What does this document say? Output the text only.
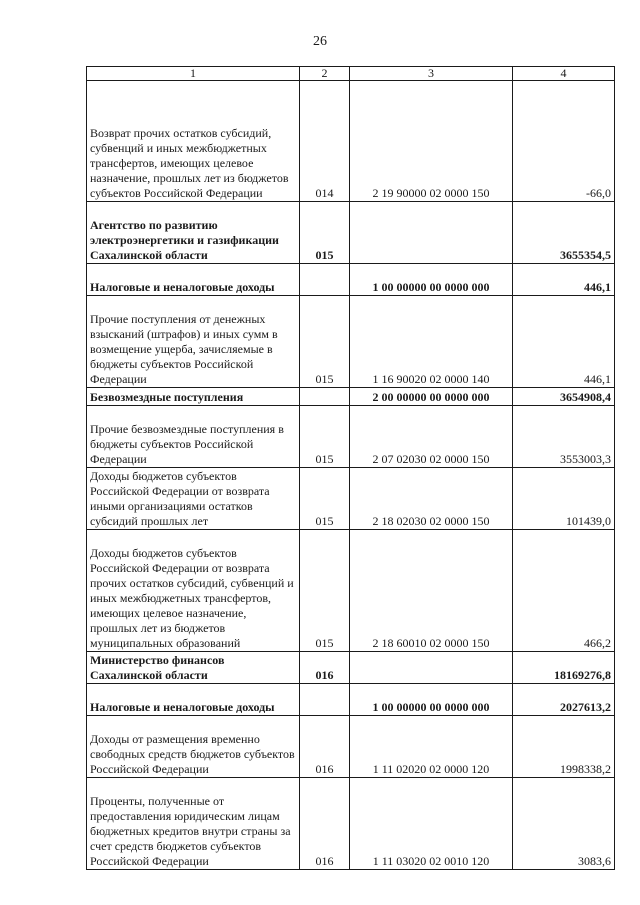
26
1	2	3	4
Возврат прочих остатков субсидий, субвенций и иных межбюджетных трансфертов, имеющих целевое назначение, прошлых лет из бюджетов субъектов Российской Федерации	014	2 19 90000 02 0000 150	-66,0
Агентство по развитию электроэнергетики и газификации Сахалинской области	015		3655354,5
Налоговые и неналоговые доходы		1 00 00000 00 0000 000	446,1
Прочие поступления от денежных взысканий (штрафов) и иных сумм в возмещение ущерба, зачисляемые в бюджеты субъектов Российской Федерации	015	1 16 90020 02 0000 140	446,1
Безвозмездные поступления		2 00 00000 00 0000 000	3654908,4
Прочие безвозмездные поступления в бюджеты субъектов Российской Федерации	015	2 07 02030 02 0000 150	3553003,3
Доходы бюджетов субъектов Российской Федерации от возврата иными организациями остатков субсидий прошлых лет	015	2 18 02030 02 0000 150	101439,0
Доходы бюджетов субъектов Российской Федерации от возврата прочих остатков субсидий, субвенций и иных межбюджетных трансфертов, имеющих целевое назначение, прошлых лет из бюджетов муниципальных образований	015	2 18 60010 02 0000 150	466,2
Министерство финансов Сахалинской области	016		18169276,8
Налоговые и неналоговые доходы		1 00 00000 00 0000 000	2027613,2
Доходы от размещения временно свободных средств бюджетов субъектов Российской Федерации	016	1 11 02020 02 0000 120	1998338,2
Проценты, полученные от предоставления юридическим лицам бюджетных кредитов внутри страны за счет средств бюджетов субъектов Российской Федерации	016	1 11 03020 02 0010 120	3083,6
